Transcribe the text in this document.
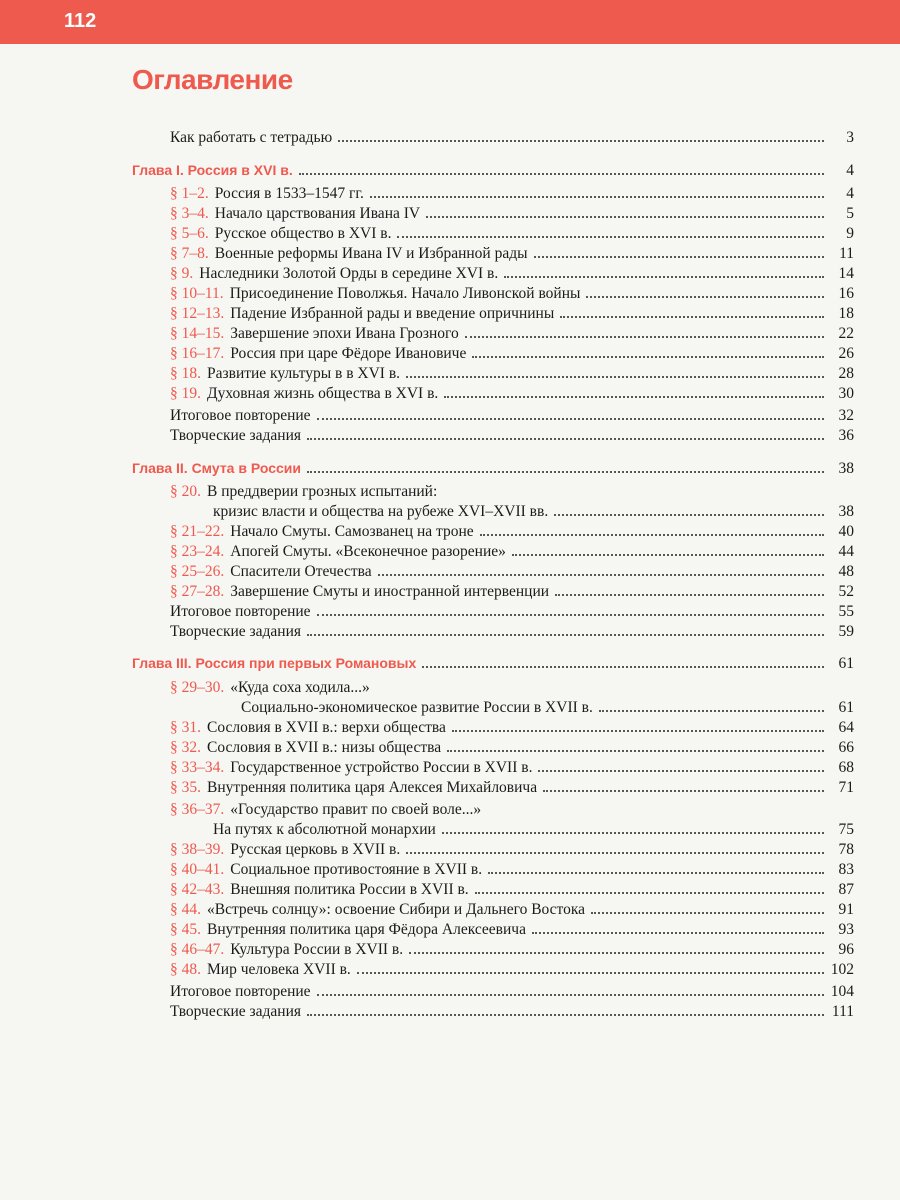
112
Оглавление
Как работать с тетрадью	3
Глава I. Россия в XVI в.	4
§ 1–2. Россия в 1533–1547 гг.	4
§ 3–4. Начало царствования Ивана IV	5
§ 5–6. Русское общество в XVI в.	9
§ 7–8. Военные реформы Ивана IV и Избранной рады	11
§ 9. Наследники Золотой Орды в середине XVI в.	14
§ 10–11. Присоединение Поволжья. Начало Ливонской войны	16
§ 12–13. Падение Избранной рады и введение опричнины	18
§ 14–15. Завершение эпохи Ивана Грозного	22
§ 16–17. Россия при царе Фёдоре Ивановиче	26
§ 18. Развитие культуры в в XVI в.	28
§ 19. Духовная жизнь общества в XVI в.	30
Итоговое повторение	32
Творческие задания	36
Глава II. Смута в России	38
§ 20. В преддверии грозных испытаний:
кризис власти и общества на рубеже XVI–XVII вв.	38
§ 21–22. Начало Смуты. Самозванец на троне	40
§ 23–24. Апогей Смуты. «Всеконечное разорение»	44
§ 25–26. Спасители Отечества	48
§ 27–28. Завершение Смуты и иностранной интервенции	52
Итоговое повторение	55
Творческие задания	59
Глава III. Россия при первых Романовых	61
§ 29–30. «Куда соха ходила...»
Социально-экономическое развитие России в XVII в.	61
§ 31. Сословия в XVII в.: верхи общества	64
§ 32. Сословия в XVII в.: низы общества	66
§ 33–34. Государственное устройство России в XVII в.	68
§ 35. Внутренняя политика царя Алексея Михайловича	71
§ 36–37. «Государство правит по своей воле...»
На путях к абсолютной монархии	75
§ 38–39. Русская церковь в XVII в.	78
§ 40–41. Социальное противостояние в XVII в.	83
§ 42–43. Внешняя политика России в XVII в.	87
§ 44. «Встречь солнцу»: освоение Сибири и Дальнего Востока	91
§ 45. Внутренняя политика царя Фёдора Алексеевича	93
§ 46–47. Культура России в XVII в.	96
§ 48. Мир человека XVII в.	102
Итоговое повторение	104
Творческие задания	111
